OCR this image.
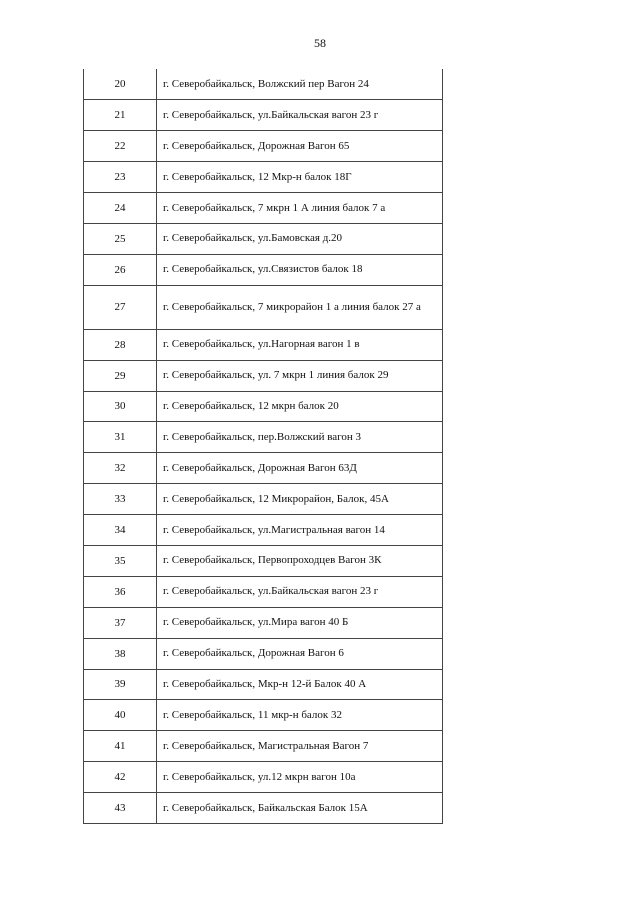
58
20	г. Северобайкальск, Волжский пер Вагон 24
21	г. Северобайкальск, ул.Байкальская вагон 23 г
22	г. Северобайкальск, Дорожная Вагон 65
23	г. Северобайкальск, 12 Мкр-н балок 18Г
24	г. Северобайкальск, 7 мкрн 1 А линия балок 7 а
25	г. Северобайкальск, ул.Бамовская д.20
26	г. Северобайкальск, ул.Связистов балок 18
27	г. Северобайкальск, 7 микрорайон 1 а линия балок 27 а
28	г. Северобайкальск, ул.Нагорная вагон 1 в
29	г. Северобайкальск, ул. 7 мкрн 1 линия балок 29
30	г. Северобайкальск, 12 мкрн балок 20
31	г. Северобайкальск, пер.Волжский вагон 3
32	г. Северобайкальск, Дорожная Вагон 63Д
33	г. Северобайкальск, 12 Микрорайон, Балок, 45А
34	г. Северобайкальск, ул.Магистральная вагон 14
35	г. Северобайкальск, Первопроходцев Вагон 3К
36	г. Северобайкальск, ул.Байкальская вагон 23 г
37	г. Северобайкальск, ул.Мира вагон 40 Б
38	г. Северобайкальск, Дорожная Вагон 6
39	г. Северобайкальск, Мкр-н 12-й Балок 40 А
40	г. Северобайкальск, 11 мкр-н балок 32
41	г. Северобайкальск, Магистральная Вагон 7
42	г. Северобайкальск, ул.12 мкрн вагон 10а
43	г. Северобайкальск, Байкальская Балок 15А
